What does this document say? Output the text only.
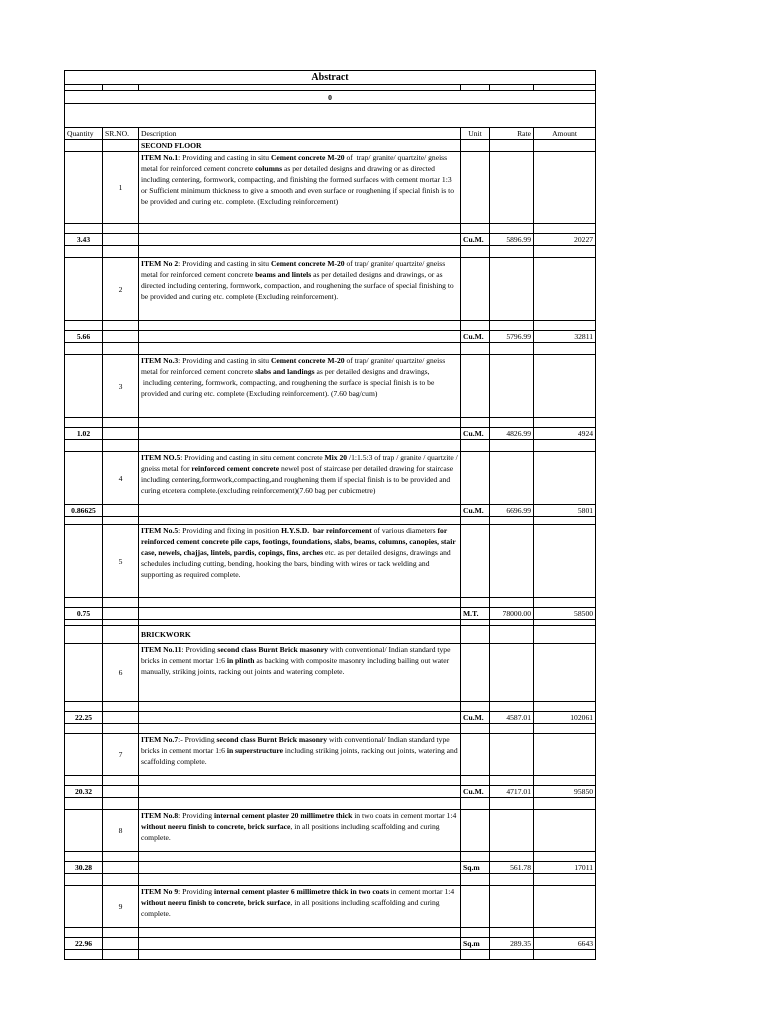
Abstract					

0					

Quantity	SR.NO.	Description	Unit	Rate	Amount
		SECOND FLOOR			
	1	ITEM No.1: Providing and casting in situ Cement concrete M-20 of  trap/ granite/ quartzite/ gneiss metal for reinforced cement concrete columns as per detailed designs and drawing or as directed including centering, formwork, compacting, and finishing the formed surfaces with cement mortar 1:3 or Sufficient minimum thickness to give a smooth and even surface or roughening if special finish is to be provided and curing etc. complete. (Excluding reinforcement)			

3.43			Cu.M.	5896.99	20227

	2	ITEM No 2: Providing and casting in situ Cement concrete M-20 of trap/ granite/ quartzite/ gneiss metal for reinforced cement concrete beams and lintels as per detailed designs and drawings, or as directed including centering, formwork, compaction, and roughening the surface of special finishing to be provided and curing etc. complete (Excluding reinforcement).			

5.66			Cu.M.	5796.99	32811

	3	ITEM No.3: Providing and casting in situ Cement concrete M-20 of trap/ granite/ quartzite/ gneiss metal for reinforced cement concrete slabs and landings as per detailed designs and drawings,  including centering, formwork, compacting, and roughening the surface is special finish is to be provided and curing etc. complete (Excluding reinforcement). (7.60 bag/cum)			

1.02			Cu.M.	4826.99	4924

	4	ITEM NO.5: Providing and casting in situ cement concrete Mix 20 /1:1.5:3 of trap / granite / quartzite / gneiss metal for reinforced cement concrete newel post of staircase per detailed drawing for staircase including centering,formwork,compacting,and roughening them if special finish is to be provided and curing etcetera complete.(excluding reinforcement)(7.60 bag per cubicmetre)			
0.86625			Cu.M.	6696.99	5801

	5	ITEM No.5: Providing and fixing in position H.Y.S.D.  bar reinforcement of various diameters for reinforced cement concrete pile caps, footings, foundations, slabs, beams, columns, canopies, stair case, newels, chajjas, lintels, pardis, copings, fins, arches etc. as per detailed designs, drawings and schedules including cutting, bending, hooking the bars, binding with wires or tack welding and supporting as required complete.			

0.75			M.T.	78000.00	58500

		BRICKWORK			
	6	ITEM No.11: Providing second class Burnt Brick masonry with conventional/ Indian standard type bricks in cement mortar 1:6 in plinth as backing with composite masonry including bailing out water manually, striking joints, racking out joints and watering complete.			

22.25			Cu.M.	4587.01	102061

	7	ITEM No.7:- Providing second class Burnt Brick masonry with conventional/ Indian standard type bricks in cement mortar 1:6 in superstructure including striking joints, racking out joints, watering and scaffolding complete.			

20.32			Cu.M.	4717.01	95850

	8	ITEM No.8: Providing internal cement plaster 20 millimetre thick in two coats in cement mortar 1:4 without neeru finish to concrete, brick surface, in all positions including scaffolding and curing complete.			

30.28			Sq.m	561.78	17011

	9	ITEM No 9: Providing internal cement plaster 6 millimetre thick in two coats in cement mortar 1:4 without neeru finish to concrete, brick surface, in all positions including scaffolding and curing complete.			

22.96			Sq.m	289.35	6643
